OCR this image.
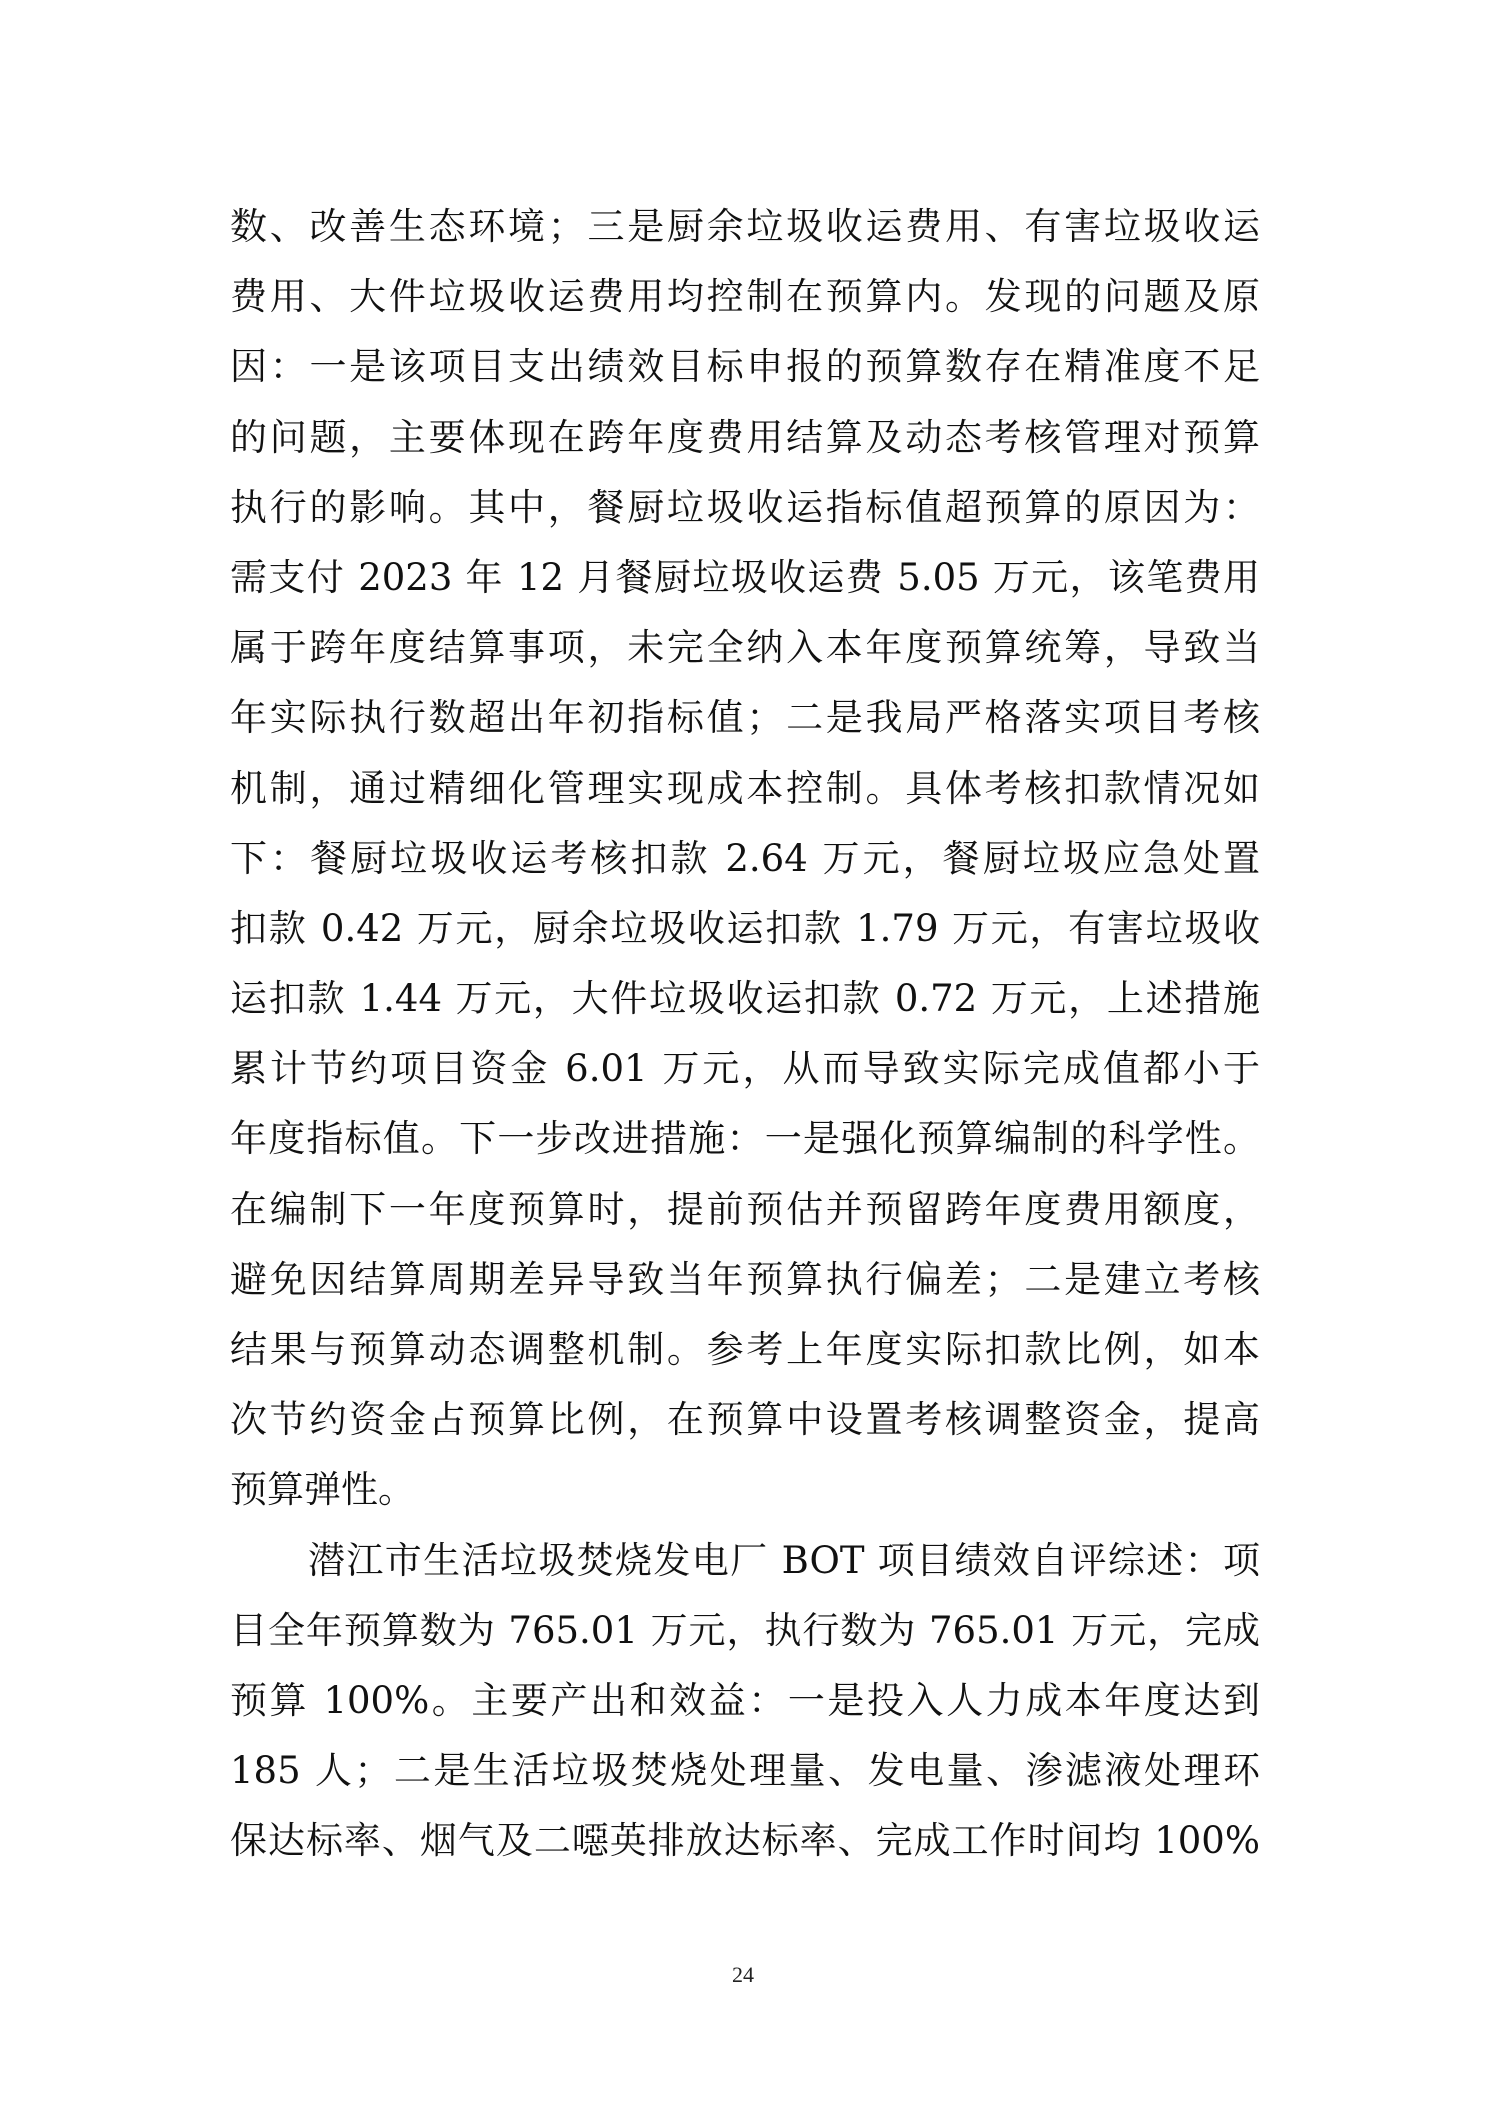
数、改善生态环境；三是厨余垃圾收运费用、有害垃圾收运
费用、大件垃圾收运费用均控制在预算内。发现的问题及原
因：一是该项目支出绩效目标申报的预算数存在精准度不足
的问题，主要体现在跨年度费用结算及动态考核管理对预算
执行的影响。其中，餐厨垃圾收运指标值超预算的原因为：
需支付 2023 年 12 月餐厨垃圾收运费 5.05 万元，该笔费用
属于跨年度结算事项，未完全纳入本年度预算统筹，导致当
年实际执行数超出年初指标值；二是我局严格落实项目考核
机制，通过精细化管理实现成本控制。具体考核扣款情况如
下：餐厨垃圾收运考核扣款 2.64 万元，餐厨垃圾应急处置
扣款 0.42 万元，厨余垃圾收运扣款 1.79 万元，有害垃圾收
运扣款 1.44 万元，大件垃圾收运扣款 0.72 万元，上述措施
累计节约项目资金 6.01 万元，从而导致实际完成值都小于
年度指标值。下一步改进措施：一是强化预算编制的科学性。
在编制下一年度预算时，提前预估并预留跨年度费用额度，
避免因结算周期差异导致当年预算执行偏差；二是建立考核
结果与预算动态调整机制。参考上年度实际扣款比例，如本
次节约资金占预算比例，在预算中设置考核调整资金，提高
预算弹性。
潜江市生活垃圾焚烧发电厂 BOT 项目绩效自评综述：项
目全年预算数为 765.01 万元，执行数为 765.01 万元，完成
预算 100%。主要产出和效益：一是投入人力成本年度达到
185 人；二是生活垃圾焚烧处理量、发电量、渗滤液处理环
保达标率、烟气及二噁英排放达标率、完成工作时间均 100%
24
